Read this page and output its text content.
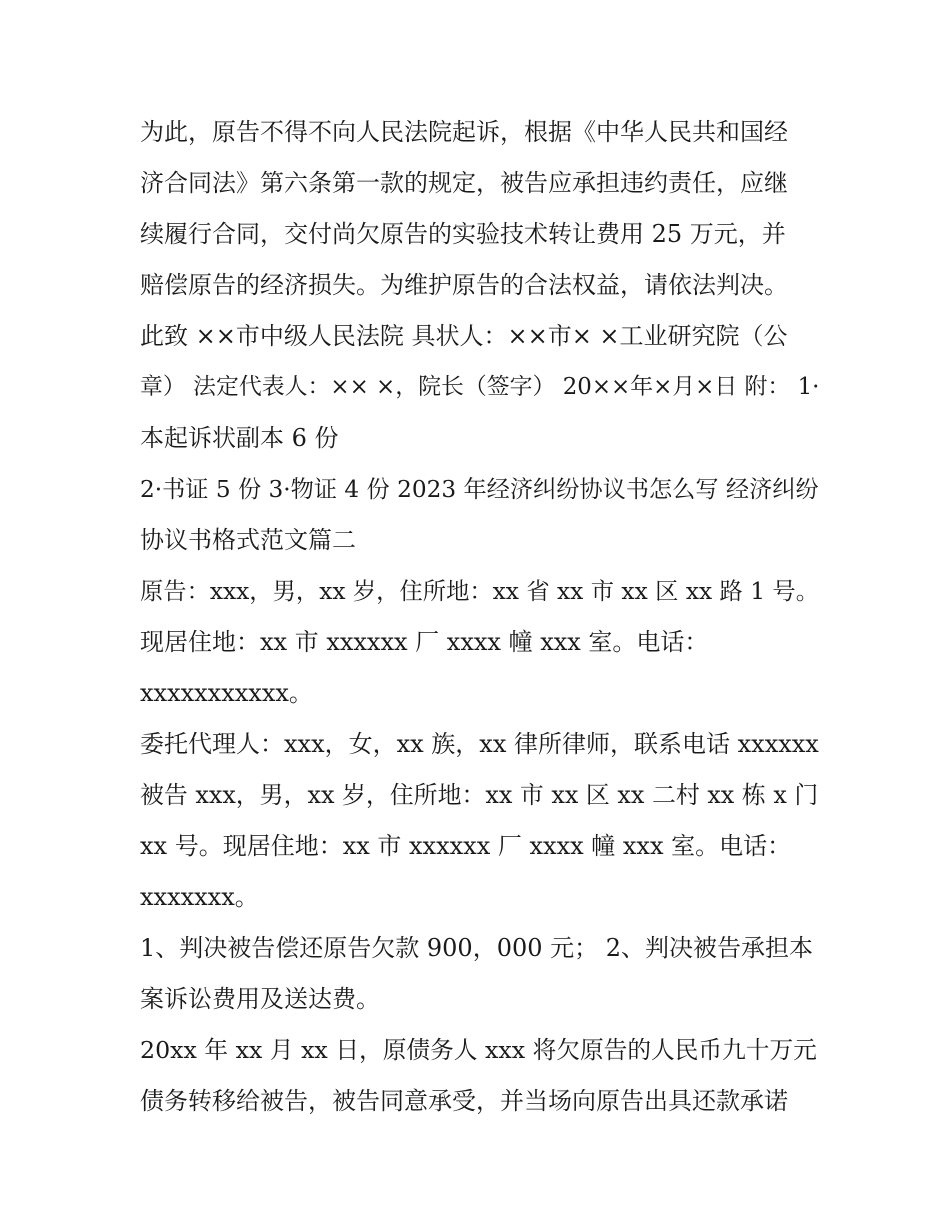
为此，原告不得不向人民法院起诉，根据《中华人民共和国经
济合同法》第六条第一款的规定，被告应承担违约责任，应继
续履行合同，交付尚欠原告的实验技术转让费用 25 万元，并
赔偿原告的经济损失。为维护原告的合法权益，请依法判决。
此致 ××市中级人民法院 具状人：××市× ×工业研究院（公
章） 法定代表人：×× ×，院长（签字） 20××年×月×日 附： 1·
本起诉状副本 6 份
2·书证 5 份 3·物证 4 份 2023 年经济纠纷协议书怎么写 经济纠纷
协议书格式范文篇二
原告：xxx，男，xx 岁，住所地：xx 省 xx 市 xx 区 xx 路 1 号。
现居住地：xx 市 xxxxxx 厂 xxxx 幢 xxx 室。电话：
xxxxxxxxxxx。
委托代理人：xxx，女，xx 族，xx 律所律师，联系电话 xxxxxx
被告 xxx，男，xx 岁，住所地：xx 市 xx 区 xx 二村 xx 栋 x 门
xx 号。现居住地：xx 市 xxxxxx 厂 xxxx 幢 xxx 室。电话：
xxxxxxx。
1、判决被告偿还原告欠款 900，000 元； 2、判决被告承担本
案诉讼费用及送达费。
20xx 年 xx 月 xx 日，原债务人 xxx 将欠原告的人民币九十万元
债务转移给被告，被告同意承受，并当场向原告出具还款承诺
